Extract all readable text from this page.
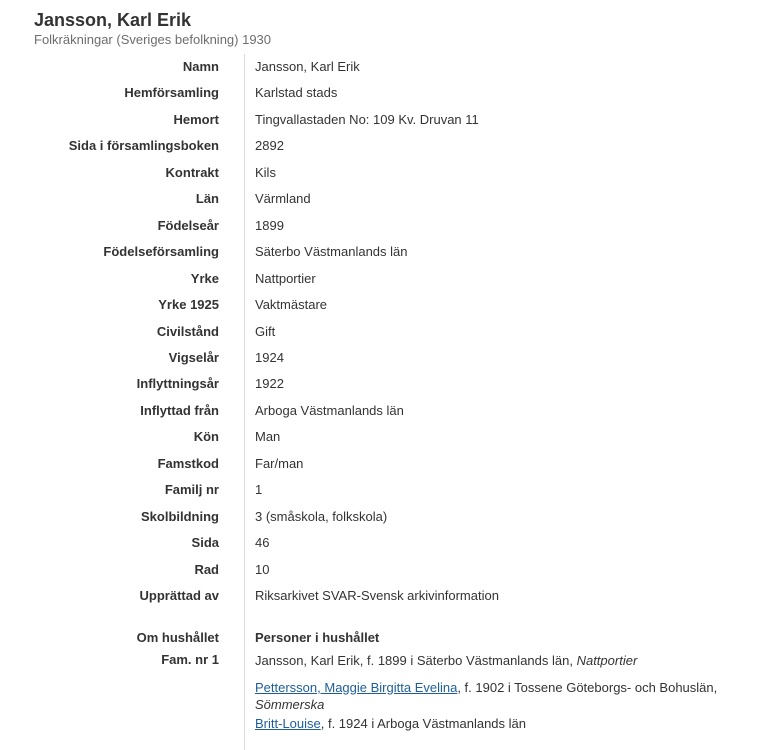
Jansson, Karl Erik
Folkräkningar (Sveriges befolkning) 1930
Namn	Jansson, Karl Erik
Hemförsamling	Karlstad stads
Hemort	Tingvallastaden No: 109 Kv. Druvan 11
Sida i församlingsboken	2892
Kontrakt	Kils
Län	Värmland
Födelseår	1899
Födelseförsamling	Säterbo Västmanlands län
Yrke	Nattportier
Yrke 1925	Vaktmästare
Civilstånd	Gift
Vigselår	1924
Inflyttningsår	1922
Inflyttad från	Arboga Västmanlands län
Kön	Man
Famstkod	Far/man
Familj nr	1
Skolbildning	3 (småskola, folkskola)
Sida	46
Rad	10
Upprättad av	Riksarkivet SVAR-Svensk arkivinformation
Om hushållet	Personer i hushållet
Fam. nr 1	Jansson, Karl Erik, f. 1899 i Säterbo Västmanlands län, Nattportier
Pettersson, Maggie Birgitta Evelina, f. 1902 i Tossene Göteborgs- och Bohuslän,
Sömmerska
Britt-Louise, f. 1924 i Arboga Västmanlands län
